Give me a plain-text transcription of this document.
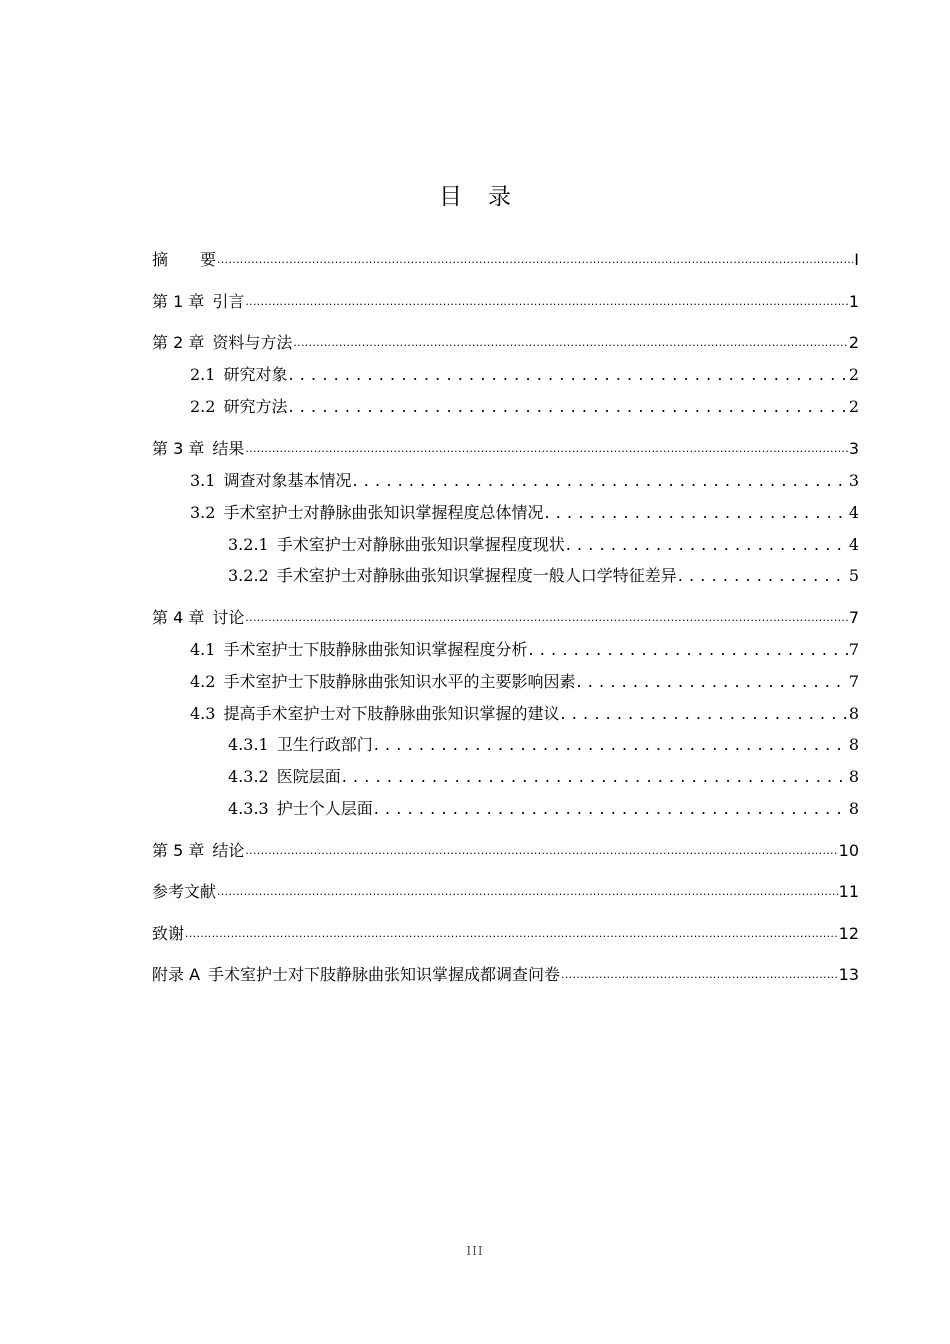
目录
摘　　要 .....	I
第 1 章 引言 .....	1
第 2 章 资料与方法 .....	2
2.1 研究对象 .....	2
2.2 研究方法 .....	2
第 3 章 结果 .....	3
3.1 调查对象基本情况 .....	3
3.2 手术室护士对静脉曲张知识掌握程度总体情况 .....	4
3.2.1 手术室护士对静脉曲张知识掌握程度现状 .....	4
3.2.2 手术室护士对静脉曲张知识掌握程度一般人口学特征差异 .....	5
第 4 章 讨论 .....	7
4.1 手术室护士下肢静脉曲张知识掌握程度分析 .....	7
4.2 手术室护士下肢静脉曲张知识水平的主要影响因素 .....	7
4.3 提高手术室护士对下肢静脉曲张知识掌握的建议 .....	8
4.3.1 卫生行政部门 .....	8
4.3.2 医院层面 .....	8
4.3.3 护士个人层面 .....	8
第 5 章 结论 .....	10
参考文献 .....	11
致谢 .....	12
附录 A 手术室护士对下肢静脉曲张知识掌握成都调查问卷 .....	13
III
